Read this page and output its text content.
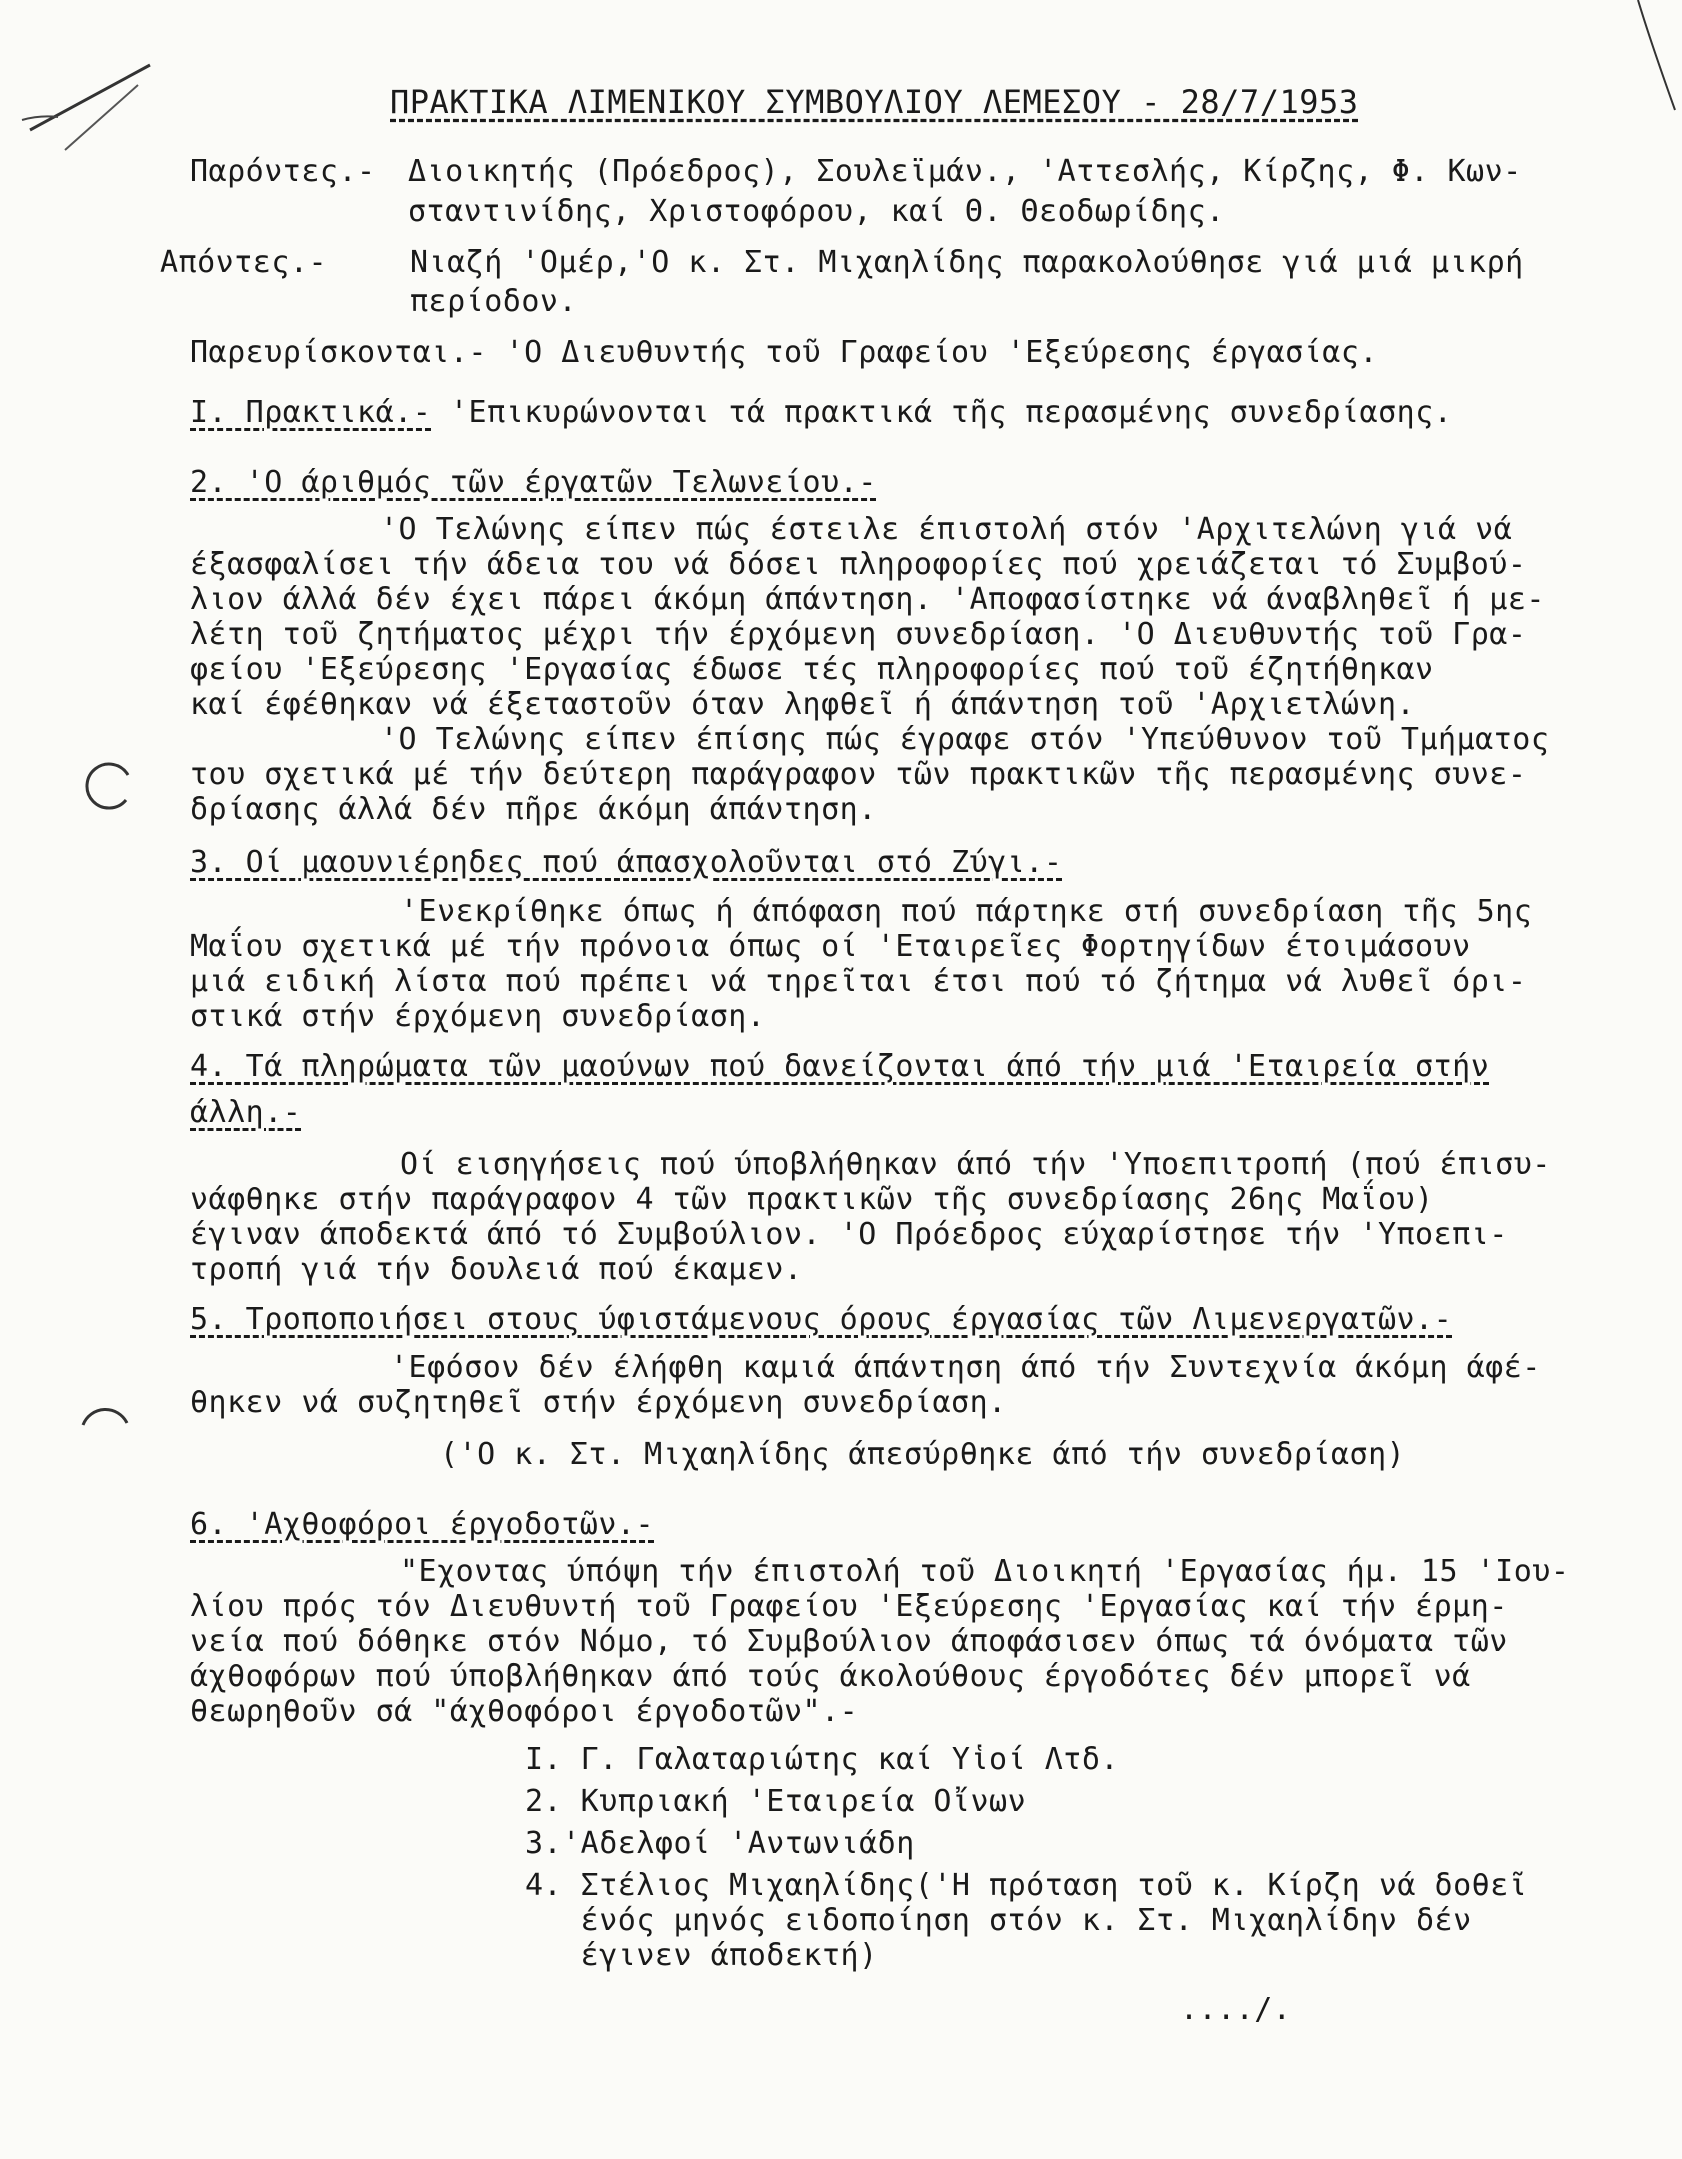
ΠΡΑΚΤΙΚΑ ΛΙΜΕΝΙΚΟΥ ΣΥΜΒΟΥΛΙΟΥ ΛΕΜΕΣΟΥ - 28/7/1953
Παρόντες.- Διοικητής (Πρόεδρος), Σουλεϊμάν., 'Αττεσλής, Κίρζης, Φ. Κων-
σταντινίδης, Χριστοφόρου, καί Θ. Θεοδωρίδης.
Απόντες.-	Νιαζή 'Ομέρ,'Ο κ. Στ. Μιχαηλίδης παρακολούθησε γιά μιά μικρή
περίοδον.
Παρευρίσκονται.- 'Ο Διευθυντής τοῦ Γραφείου 'Εξεύρεσης έργασίας.
Ι. Πρακτικά.- 'Επικυρώνονται τά πρακτικά τῆς περασμένης συνεδρίασης.
2. 'Ο άριθμός τῶν έργατῶν Τελωνείου.-
'Ο Τελώνης είπεν πώς έστειλε έπιστολή στόν 'Αρχιτελώνη γιά νά
έξασφαλίσει τήν άδεια του νά δόσει πληροφορίες πού χρειάζεται τό Συμβού-
λιον άλλά δέν έχει πάρει άκόμη άπάντηση. 'Αποφασίστηκε νά άναβληθεῖ ή με-
λέτη τοῦ ζητήματος μέχρι τήν έρχόμενη συνεδρίαση. 'Ο Διευθυντής τοῦ Γρα-
φείου 'Εξεύρεσης 'Εργασίας έδωσε τές πληροφορίες πού τοῦ έζητήθηκαν
καί έφέθηκαν νά έξεταστοῦν όταν ληφθεῖ ή άπάντηση τοῦ 'Αρχιετλώνη.
'Ο Τελώνης είπεν έπίσης πώς έγραφε στόν 'Υπεύθυνον τοῦ Τμήματος
του σχετικά μέ τήν δεύτερη παράγραφον τῶν πρακτικῶν τῆς περασμένης συνε-
δρίασης άλλά δέν πῆρε άκόμη άπάντηση.
3. Οί μαουνιέρηδες πού άπασχολοῦνται στό Ζύγι.-
'Ενεκρίθηκε όπως ή άπόφαση πού πάρτηκε στή συνεδρίαση τῆς 5ης
Μαΐου σχετικά μέ τήν πρόνοια όπως οί 'Εταιρεῖες Φορτηγίδων έτοιμάσουν
μιά ειδική λίστα πού πρέπει νά τηρεῖται έτσι πού τό ζήτημα νά λυθεῖ όρι-
στικά στήν έρχόμενη συνεδρίαση.
4. Τά πληρώματα τῶν μαούνων πού δανείζονται άπό τήν μιά 'Εταιρεία στήν
άλλη.-
Οί εισηγήσεις πού ύποβλήθηκαν άπό τήν 'Υποεπιτροπή (πού έπισυ-
νάφθηκε στήν παράγραφον 4 τῶν πρακτικῶν τῆς συνεδρίασης 26ης Μαΐου)
έγιναν άποδεκτά άπό τό Συμβούλιον. 'Ο Πρόεδρος εύχαρίστησε τήν 'Υποεπι-
τροπή γιά τήν δουλειά πού έκαμεν.
5. Τροποποιήσει στους ύφιστάμενους όρους έργασίας τῶν Λιμενεργατῶν.-
'Εφόσον δέν έλήφθη καμιά άπάντηση άπό τήν Συντεχνία άκόμη άφέ-
θηκεν νά συζητηθεῖ στήν έρχόμενη συνεδρίαση.
('Ο κ. Στ. Μιχαηλίδης άπεσύρθηκε άπό τήν συνεδρίαση)
6. 'Αχθοφόροι έργοδοτῶν.-
"Εχοντας ύπόψη τήν έπιστολή τοῦ Διοικητή 'Εργασίας ήμ. 15 'Ιου-
λίου πρός τόν Διευθυντή τοῦ Γραφείου 'Εξεύρεσης 'Εργασίας καί τήν έρμη-
νεία πού δόθηκε στόν Νόμο, τό Συμβούλιον άποφάσισεν όπως τά όνόματα τῶν
άχθοφόρων πού ύποβλήθηκαν άπό τούς άκολούθους έργοδότες δέν μπορεῖ νά
θεωρηθοῦν σά "άχθοφόροι έργοδοτῶν".-
Ι. Γ. Γαλαταριώτης καί Υἱοί Λτδ.
2. Κυπριακή 'Εταιρεία Οἴνων
3.'Αδελφοί 'Αντωνιάδη
4. Στέλιος Μιχαηλίδης('Η πρόταση τοῦ κ. Κίρζη νά δοθεῖ
ένός μηνός ειδοποίηση στόν κ. Στ. Μιχαηλίδην δέν
έγινεν άποδεκτή)
..../.
